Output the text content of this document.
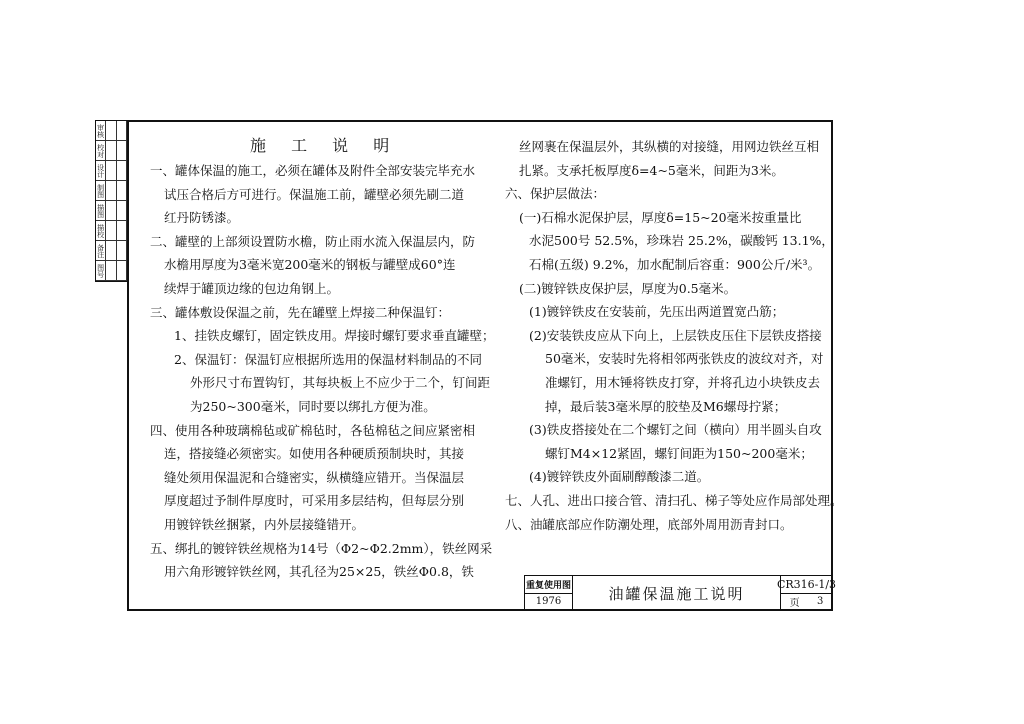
审核
校对
设计
制图
描图
描校
备注
图号
施 工 说 明
一、罐体保温的施工，必须在罐体及附件全部安装完毕充水
试压合格后方可进行。保温施工前，罐壁必须先刷二道
红丹防锈漆。
二、罐壁的上部须设置防水檐，防止雨水流入保温层内，防
水檐用厚度为3毫米宽200毫米的钢板与罐壁成60°连
续焊于罐顶边缘的包边角钢上。
三、罐体敷设保温之前，先在罐壁上焊接二种保温钉：
1、挂铁皮螺钉，固定铁皮用。焊接时螺钉要求垂直罐壁；
2、保温钉：保温钉应根据所选用的保温材料制品的不同
外形尺寸布置钩钉，其每块板上不应少于二个，钉间距
为250~300毫米，同时要以绑扎方便为准。
四、使用各种玻璃棉毡或矿棉毡时，各毡棉毡之间应紧密相
连，搭接缝必须密实。如使用各种硬质预制块时，其接
缝处须用保温泥和合缝密实，纵横缝应错开。当保温层
厚度超过予制件厚度时，可采用多层结构，但每层分别
用镀锌铁丝捆紧，内外层接缝错开。
五、绑扎的镀锌铁丝规格为14号（Φ2~Φ2.2mm），铁丝网采
用六角形镀锌铁丝网，其孔径为25×25，铁丝Φ0.8，铁
丝网裹在保温层外，其纵横的对接缝，用网边铁丝互相
扎紧。支承托板厚度δ=4~5毫米，间距为3米。
六、保护层做法：
(一)石棉水泥保护层，厚度δ=15~20毫米按重量比
水泥500号 52.5%，珍珠岩 25.2%，碳酸钙 13.1%，
石棉(五级) 9.2%，加水配制后容重：900公斤/米³。
(二)镀锌铁皮保护层，厚度为0.5毫米。
(1)镀锌铁皮在安装前，先压出两道置宽凸筋；
(2)安装铁皮应从下向上，上层铁皮压住下层铁皮搭接
50毫米，安装时先将相邻两张铁皮的波纹对齐，对
准螺钉，用木锤将铁皮打穿，并将孔边小块铁皮去
掉，最后装3毫米厚的胶垫及M6螺母拧紧；
(3)铁皮搭接处在二个螺钉之间（横向）用半圆头自攻
螺钉M4×12紧固，螺钉间距为150~200毫米；
(4)镀锌铁皮外面刷醇酸漆二道。
七、人孔、进出口接合管、清扫孔、梯子等处应作局部处理。
八、油罐底部应作防潮处理，底部外周用沥青封口。
重复使用图	油罐保温施工说明
CR316-1/3
1976	页 3
